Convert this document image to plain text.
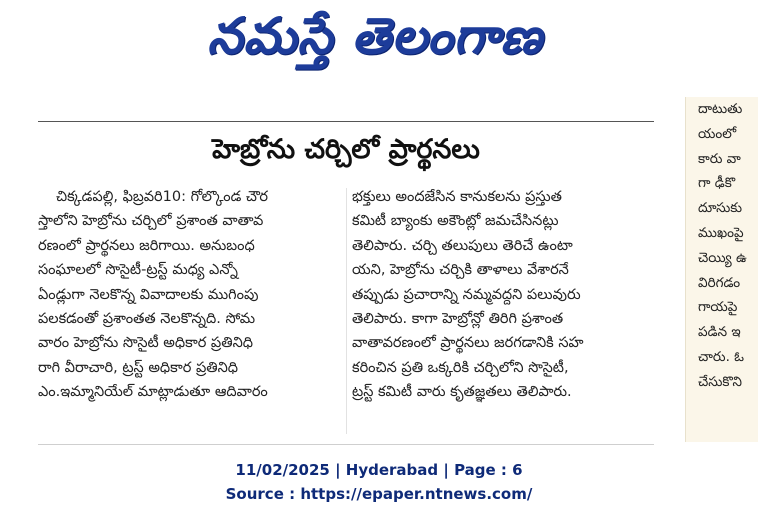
నమస్తే తెలంగాణ
దాటుతు
యంలో
కారు వా
గా ఢీకొ
దూసుకు
ముఖంపై
చెయ్యి ఉ
విరిగడం
గాయపై
పడిన ఇ
చారు. ఓ
చేసుకొని
హెబ్రోను చర్చిలో ప్రార్థనలు
చిక్కడపల్లి, ఫిబ్రవరి10: గోల్కొండ చౌర
స్తాలోని హెబ్రోను చర్చిలో ప్రశాంత వాతావ
రణంలో ప్రార్థనలు జరిగాయి. అనుబంధ
సంఘాలలో సొసైటీ-ట్రస్ట్ మధ్య ఎన్నో
ఏండ్లుగా నెలకొన్న వివాదాలకు ముగింపు
పలకడంతో ప్రశాంతత నెలకొన్నది. సోమ
వారం హెబ్రోను సొసైటీ అధికార ప్రతినిధి
రాగి వీరాచారి, ట్రస్ట్ అధికార ప్రతినిధి
ఎం.ఇమ్మానియేల్ మాట్లాడుతూ ఆదివారం
భక్తులు అందజేసిన కానుకలను ప్రస్తుత
కమిటీ బ్యాంకు అకౌంట్లో జమచేసినట్లు
తెలిపారు. చర్చి తలుపులు తెరిచే ఉంటా
యని, హెబ్రోను చర్చికి తాళాలు వేశారనే
తప్పుడు ప్రచారాన్ని నమ్మవద్దని పలువురు
తెలిపారు. కాగా హెబ్రోన్లో తిరిగి ప్రశాంత
వాతావరణంలో ప్రార్థనలు జరగడానికి సహ
కరించిన ప్రతి ఒక్కరికి చర్చిలోని సొసైటీ,
ట్రస్ట్ కమిటీ వారు కృతజ్ఞతలు తెలిపారు.
11/02/2025 | Hyderabad | Page : 6
Source : https://epaper.ntnews.com/
